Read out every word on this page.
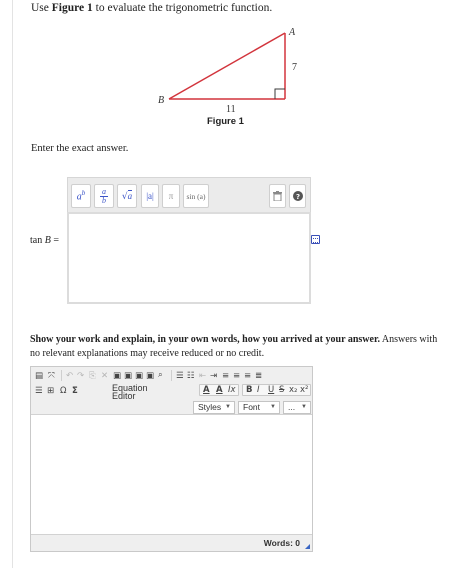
Use Figure 1 to evaluate the trigonometric function.
A
B
7
11
Figure 1
Enter the exact answer.
$a^b$ a
b √a |a| π sin (a)	?
tan B =
Show your work and explain, in your own words, how you arrived at your answer. Answers with no relevant explanations may receive reduced or no credit.
▤ ⤧ ↶ ↷ ⎘ ✕ ▣ ▣ ▣ ▣ ⌕ ☰ ☷ ⇤ ⇥ ≡ ≡ ≡ ≣
☰ ⊞ Ω Σ	Equation
Editor
A A Ix B I U S x₂ x²
Styles ▼	Font ▼	... ▼
Words: 0
